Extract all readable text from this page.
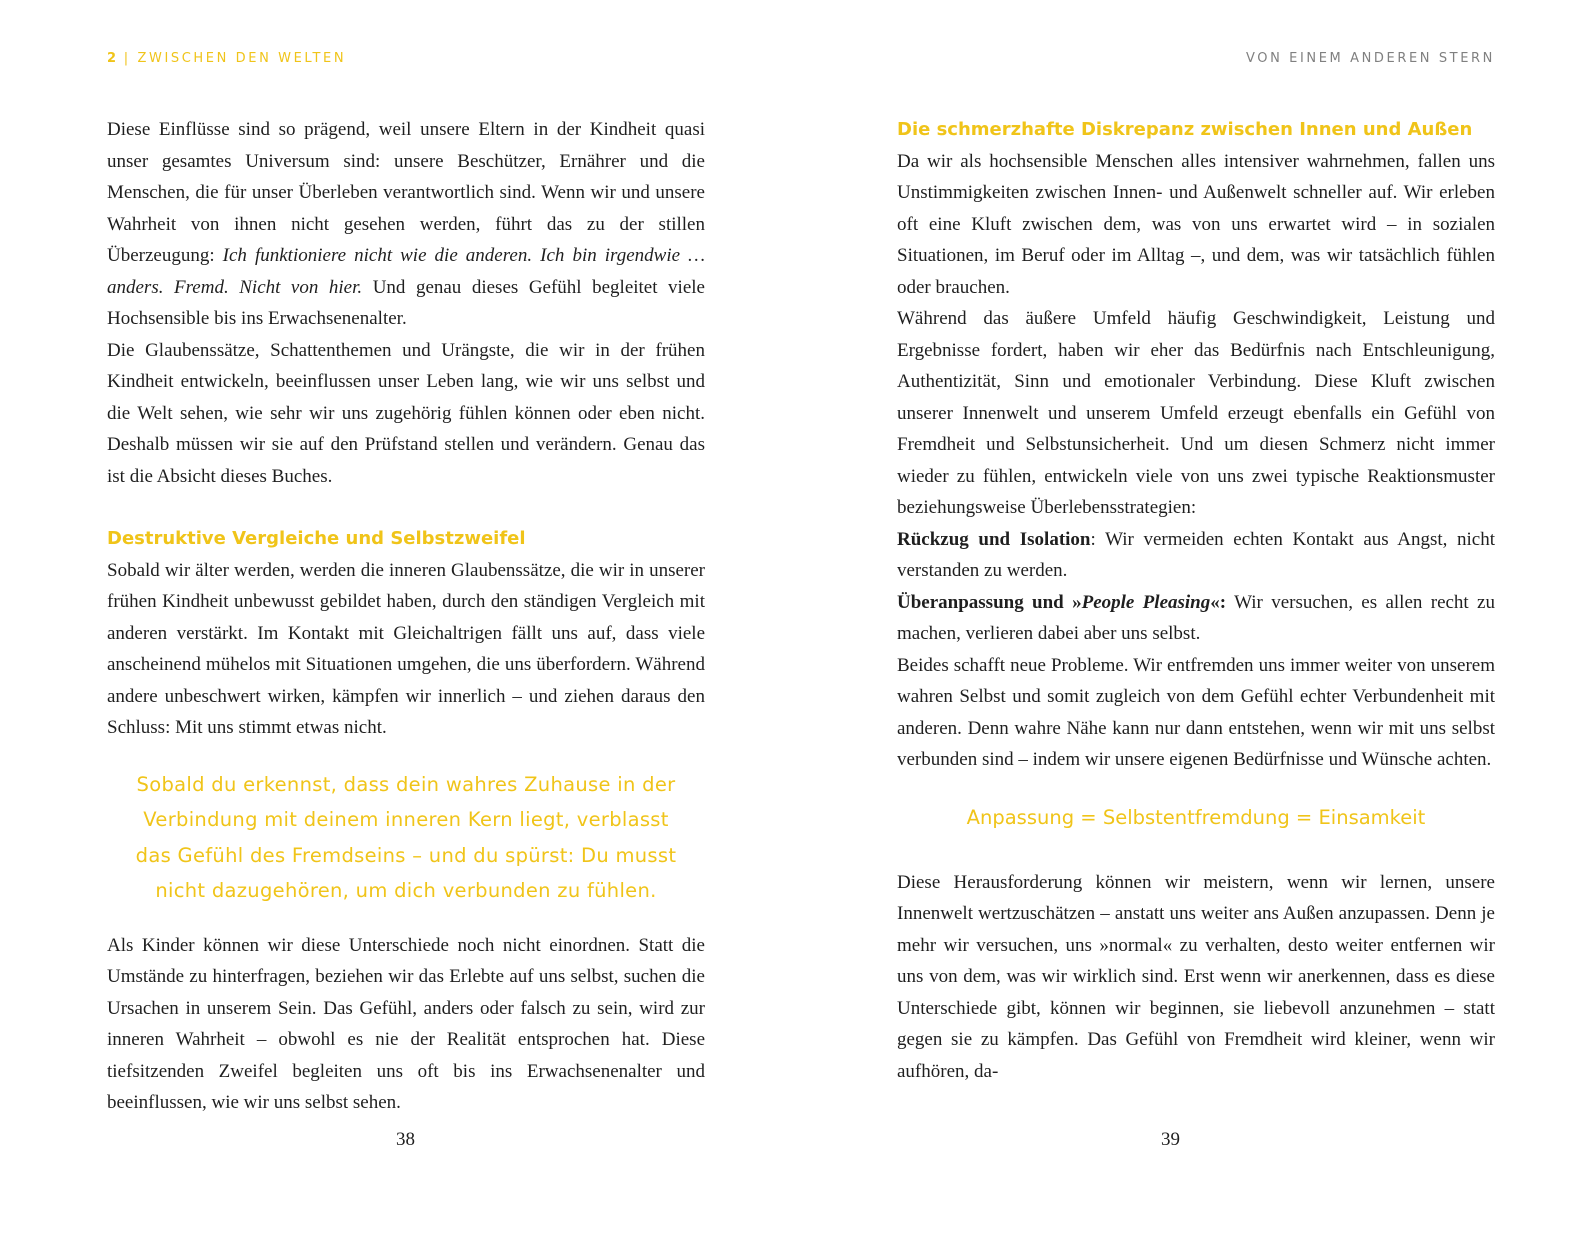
2 | ZWISCHEN DEN WELTEN

Diese Einflüsse sind so prägend, weil unsere Eltern in der Kindheit quasi unser gesamtes Universum sind: unsere Beschützer, Ernährer und die Menschen, die für unser Überleben verantwortlich sind. Wenn wir und unsere Wahrheit von ihnen nicht gesehen werden, führt das zu der stillen Überzeugung: Ich funktioniere nicht wie die anderen. Ich bin irgendwie … anders. Fremd. Nicht von hier. Und genau dieses Gefühl begleitet viele Hochsensible bis ins Erwachsenenalter.

Die Glaubenssätze, Schattenthemen und Urängste, die wir in der frühen Kindheit entwickeln, beeinflussen unser Leben lang, wie wir uns selbst und die Welt sehen, wie sehr wir uns zugehörig fühlen können oder eben nicht. Deshalb müssen wir sie auf den Prüfstand stellen und verändern. Genau das ist die Absicht dieses Buches.

Destruktive Vergleiche und Selbstzweifel

Sobald wir älter werden, werden die inneren Glaubenssätze, die wir in unserer frühen Kindheit unbewusst gebildet haben, durch den ständigen Vergleich mit anderen verstärkt. Im Kontakt mit Gleichaltrigen fällt uns auf, dass viele anscheinend mühelos mit Situationen umgehen, die uns überfordern. Während andere unbeschwert wirken, kämpfen wir innerlich – und ziehen daraus den Schluss: Mit uns stimmt etwas nicht.

Sobald du erkennst, dass dein wahres Zuhause in der
Verbindung mit deinem inneren Kern liegt, verblasst
das Gefühl des Fremdseins – und du spürst: Du musst
nicht dazugehören, um dich verbunden zu fühlen.

Als Kinder können wir diese Unterschiede noch nicht einordnen. Statt die Umstände zu hinterfragen, beziehen wir das Erlebte auf uns selbst, suchen die Ursachen in unserem Sein. Das Gefühl, anders oder falsch zu sein, wird zur inneren Wahrheit – obwohl es nie der Realität entsprochen hat. Diese tiefsitzenden Zweifel begleiten uns oft bis ins Erwachsenenalter und beeinflussen, wie wir uns selbst sehen.

38
VON EINEM ANDEREN STERN
Die schmerzhafte Diskrepanz zwischen Innen und Außen

Da wir als hochsensible Menschen alles intensiver wahrnehmen, fallen uns Unstimmigkeiten zwischen Innen- und Außenwelt schneller auf. Wir erleben oft eine Kluft zwischen dem, was von uns erwartet wird – in sozialen Situationen, im Beruf oder im Alltag –, und dem, was wir tatsächlich fühlen oder brauchen.

Während das äußere Umfeld häufig Geschwindigkeit, Leistung und Ergebnisse fordert, haben wir eher das Bedürfnis nach Entschleunigung, Authentizität, Sinn und emotionaler Verbindung. Diese Kluft zwischen unserer Innenwelt und unserem Umfeld erzeugt ebenfalls ein Gefühl von Fremdheit und Selbstunsicherheit. Und um diesen Schmerz nicht immer wieder zu fühlen, entwickeln viele von uns zwei typische Reaktionsmuster beziehungsweise Überlebensstrategien:

Rückzug und Isolation: Wir vermeiden echten Kontakt aus Angst, nicht verstanden zu werden.

Überanpassung und »People Pleasing«: Wir versuchen, es allen recht zu machen, verlieren dabei aber uns selbst.

Beides schafft neue Probleme. Wir entfremden uns immer weiter von unserem wahren Selbst und somit zugleich von dem Gefühl echter Verbundenheit mit anderen. Denn wahre Nähe kann nur dann entstehen, wenn wir mit uns selbst verbunden sind – indem wir unsere eigenen Bedürfnisse und Wünsche achten.

Anpassung = Selbstentfremdung = Einsamkeit

Diese Herausforderung können wir meistern, wenn wir lernen, unsere Innenwelt wertzuschätzen – anstatt uns weiter ans Außen anzupassen. Denn je mehr wir versuchen, uns »normal« zu verhalten, desto weiter entfernen wir uns von dem, was wir wirklich sind. Erst wenn wir anerkennen, dass es diese Unterschiede gibt, können wir beginnen, sie liebevoll anzunehmen – statt gegen sie zu kämpfen. Das Gefühl von Fremdheit wird kleiner, wenn wir aufhören, da-

39
